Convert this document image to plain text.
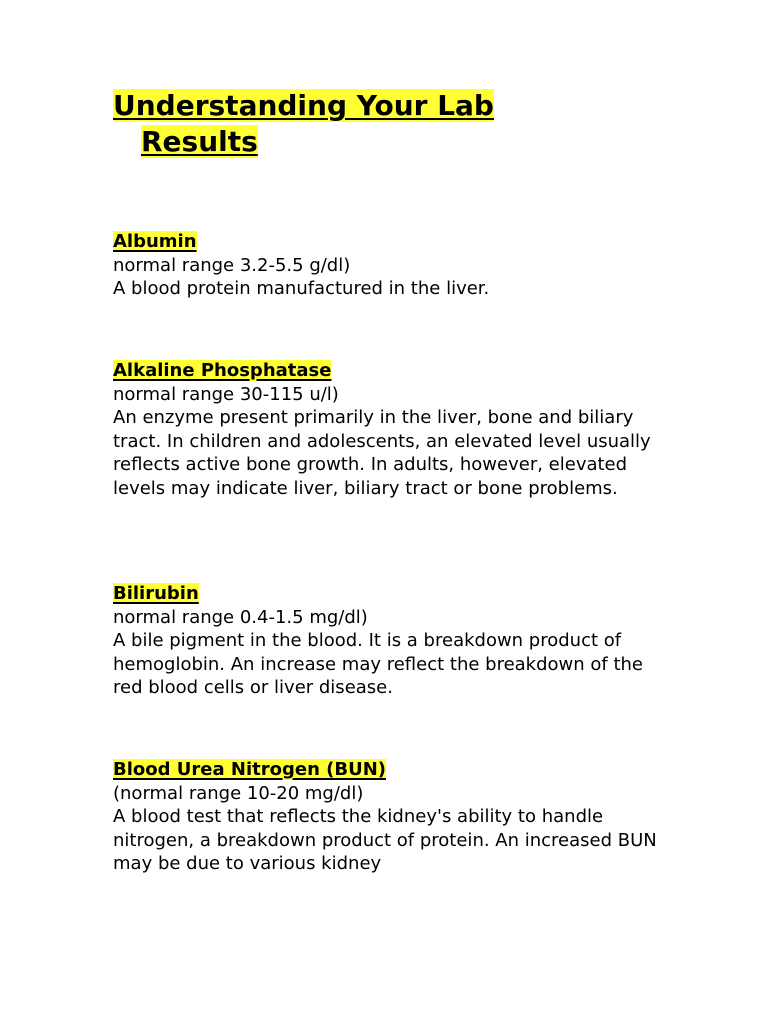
Understanding Your Lab
Results
Albumin

normal range 3.2-5.5 g/dl)

A blood protein manufactured in the liver.

Alkaline Phosphatase

normal range 30-115 u/l)

An enzyme present primarily in the liver, bone and biliary tract. In children and adolescents, an elevated level usually reflects active bone growth. In adults, however, elevated levels may indicate liver, biliary tract or bone problems.

Bilirubin

normal range 0.4-1.5 mg/dl)

A bile pigment in the blood. It is a breakdown product of hemoglobin. An increase may reflect the breakdown of the red blood cells or liver disease.

Blood Urea Nitrogen (BUN)

(normal range 10-20 mg/dl)

A blood test that reflects the kidney's ability to handle nitrogen, a breakdown product of protein. An increased BUN may be due to various kidney
